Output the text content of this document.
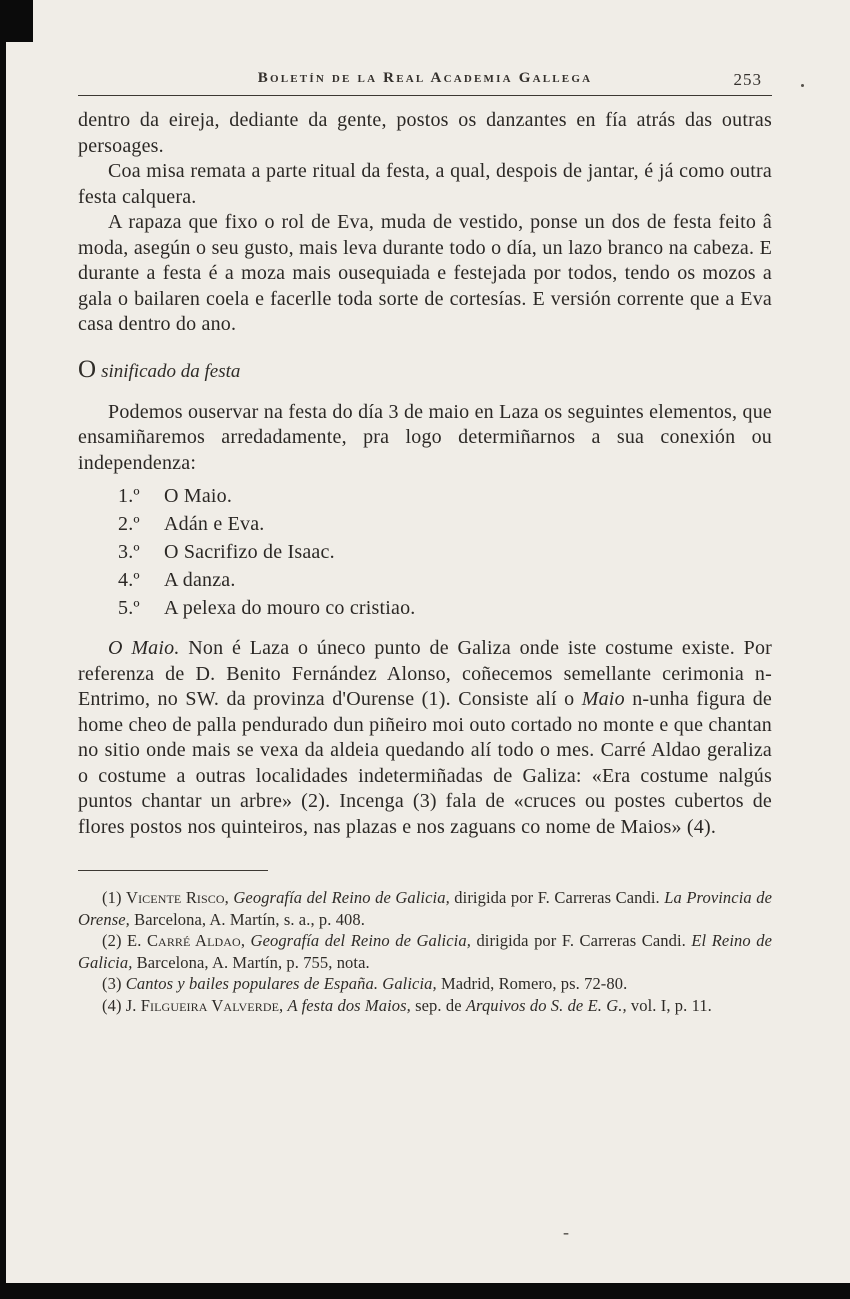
-
Boletín de la Real Academia Gallega	253

dentro da eireja, dediante da gente, postos os danzantes en fía atrás das outras persoages.

Coa misa remata a parte ritual da festa, a qual, despois de jantar, é já como outra festa calquera.

A rapaza que fixo o rol de Eva, muda de vestido, ponse un dos de festa feito â moda, asegún o seu gusto, mais leva durante todo o día, un lazo branco na cabeza. E durante a festa é a moza mais ousequiada e festejada por todos, tendo os mozos a gala o bailaren coela e facerlle toda sorte de cortesías. E versión corrente que a Eva casa dentro do ano.

O sinificado da festa

Podemos ouservar na festa do día 3 de maio en Laza os seguintes elementos, que ensamiñaremos arredadamente, pra logo determiñarnos a sua conexión ou independenza:

1.º O Maio.
2.º Adán e Eva.
3.º O Sacrifizo de Isaac.
4.º A danza.
5.º A pelexa do mouro co cristiao.

O Maio. Non é Laza o úneco punto de Galiza onde iste costume existe. Por referenza de D. Benito Fernández Alonso, coñecemos semellante cerimonia n-Entrimo, no SW. da provinza d'Ourense (1). Consiste alí o Maio n-unha figura de home cheo de palla pendurado dun piñeiro moi outo cortado no monte e que chantan no sitio onde mais se vexa da aldeia quedando alí todo o mes. Carré Aldao geraliza o costume a outras localidades indetermiñadas de Galiza: «Era costume nalgús puntos chantar un arbre» (2). Incenga (3) fala de «cruces ou postes cubertos de flores postos nos quinteiros, nas plazas e nos zaguans co nome de Maios» (4).

(1) Vicente Risco, Geografía del Reino de Galicia, dirigida por F. Carreras Candi. La Provincia de Orense, Barcelona, A. Martín, s. a., p. 408.

(2) E. Carré Aldao, Geografía del Reino de Galicia, dirigida por F. Carreras Candi. El Reino de Galicia, Barcelona, A. Martín, p. 755, nota.

(3) Cantos y bailes populares de España. Galicia, Madrid, Romero, ps. 72-80.

(4) J. Filgueira Valverde, A festa dos Maios, sep. de Arquivos do S. de E. G., vol. I, p. 11.
